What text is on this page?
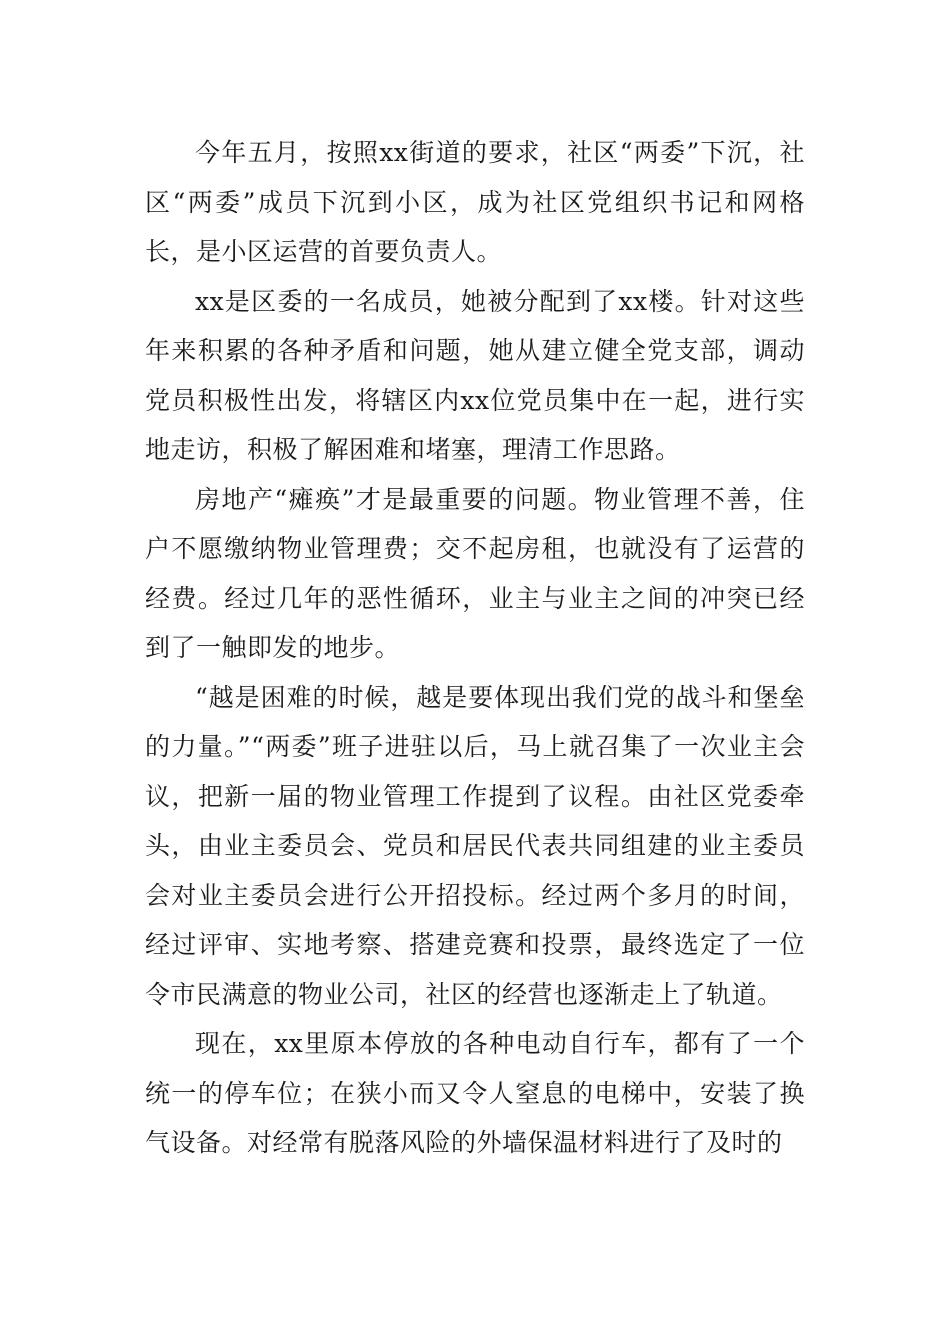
今年五月，按照xx街道的要求，社区“两委”下沉，社区“两委”成员下沉到小区，成为社区党组织书记和网格长，是小区运营的首要负责人。

xx是区委的一名成员，她被分配到了xx楼。针对这些年来积累的各种矛盾和问题，她从建立健全党支部，调动党员积极性出发，将辖区内xx位党员集中在一起，进行实地走访，积极了解困难和堵塞，理清工作思路。

房地产“瘫痪”才是最重要的问题。物业管理不善，住户不愿缴纳物业管理费；交不起房租，也就没有了运营的经费。经过几年的恶性循环，业主与业主之间的冲突已经到了一触即发的地步。

“越是困难的时候，越是要体现出我们党的战斗和堡垒的力量。”“两委”班子进驻以后，马上就召集了一次业主会议，把新一届的物业管理工作提到了议程。由社区党委牵头，由业主委员会、党员和居民代表共同组建的业主委员会对业主委员会进行公开招投标。经过两个多月的时间，经过评审、实地考察、搭建竞赛和投票，最终选定了一位令市民满意的物业公司，社区的经营也逐渐走上了轨道。

现在，xx里原本停放的各种电动自行车，都有了一个统一的停车位；在狭小而又令人窒息的电梯中，安装了换气设备。对经常有脱落风险的外墙保温材料进行了及时的
